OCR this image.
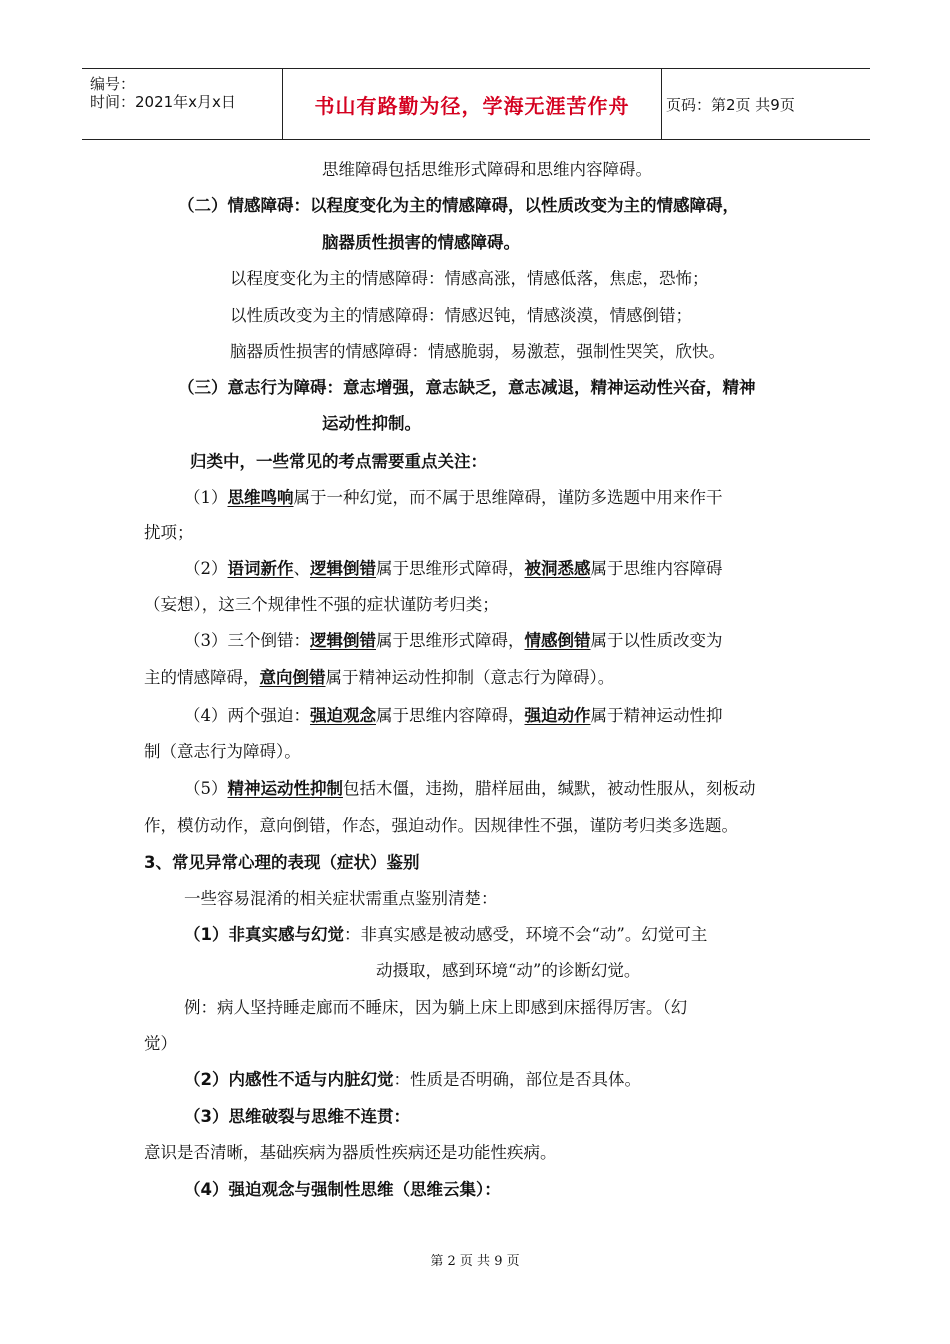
编号：
时间：2021年x月x日	书山有路勤为径，学海无涯苦作舟 页码：第2页 共9页
思维障碍包括思维形式障碍和思维内容障碍。
（二）情感障碍：以程度变化为主的情感障碍，以性质改变为主的情感障碍，
脑器质性损害的情感障碍。
以程度变化为主的情感障碍：情感高涨，情感低落，焦虑，恐怖；
以性质改变为主的情感障碍：情感迟钝，情感淡漠，情感倒错；
脑器质性损害的情感障碍：情感脆弱，易激惹，强制性哭笑，欣快。
（三）意志行为障碍：意志增强，意志缺乏，意志减退，精神运动性兴奋，精神
运动性抑制。
归类中，一些常见的考点需要重点关注：
（1）思维鸣响属于一种幻觉，而不属于思维障碍，谨防多选题中用来作干
扰项；
（2）语词新作、逻辑倒错属于思维形式障碍，被洞悉感属于思维内容障碍
（妄想），这三个规律性不强的症状谨防考归类；
（3）三个倒错：逻辑倒错属于思维形式障碍，情感倒错属于以性质改变为
主的情感障碍，意向倒错属于精神运动性抑制（意志行为障碍）。
（4）两个强迫：强迫观念属于思维内容障碍，强迫动作属于精神运动性抑
制（意志行为障碍）。
（5）精神运动性抑制包括木僵，违拗，腊样屈曲，缄默，被动性服从，刻板动
作，模仿动作，意向倒错，作态，强迫动作。因规律性不强，谨防考归类多选题。
3、常见异常心理的表现（症状）鉴别
一些容易混淆的相关症状需重点鉴别清楚：
（1）非真实感与幻觉：非真实感是被动感受，环境不会“动”。幻觉可主
动摄取，感到环境“动”的诊断幻觉。
例：病人坚持睡走廊而不睡床，因为躺上床上即感到床摇得厉害。（幻
觉）
（2）内感性不适与内脏幻觉：性质是否明确，部位是否具体。
（3）思维破裂与思维不连贯：
意识是否清晰，基础疾病为器质性疾病还是功能性疾病。
（4）强迫观念与强制性思维（思维云集）：
第 2 页 共 9 页
